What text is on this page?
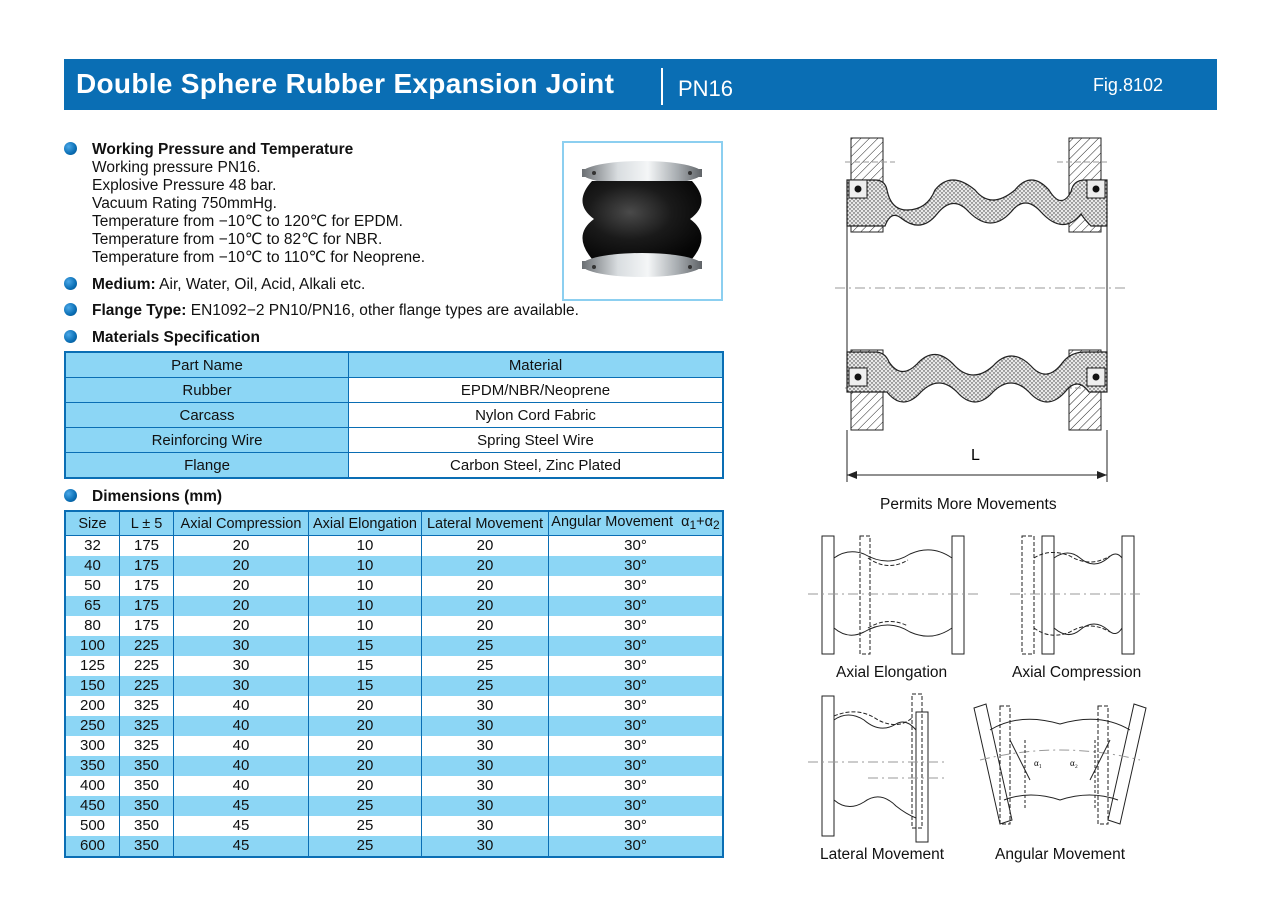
Double Sphere Rubber Expansion Joint	PN16	Fig.8102
Working Pressure and Temperature
Working pressure PN16.
Explosive Pressure 48 bar.
Vacuum Rating 750mmHg.
Temperature from −10℃ to 120℃ for EPDM.
Temperature from −10℃ to 82℃ for NBR.
Temperature from −10℃ to 110℃ for Neoprene.
Medium: Air, Water, Oil, Acid, Alkali etc.
Flange Type: EN1092−2 PN10/PN16, other flange types are available.
Materials Specification
Part Name	Material
Rubber	EPDM/NBR/Neoprene
Carcass	Nylon Cord Fabric
Reinforcing Wire	Spring Steel Wire
Flange	Carbon Steel, Zinc Plated
Dimensions (mm)
Size	L ± 5	Axial Compression	Axial Elongation	Lateral Movement	Angular Movement $\alpha_1+\alpha_2$
32	175	20	10	20	30°
40	175	20	10	20	30°
50	175	20	10	20	30°
65	175	20	10	20	30°
80	175	20	10	20	30°
100	225	30	15	25	30°
125	225	30	15	25	30°
150	225	30	15	25	30°
200	325	40	20	30	30°
250	325	40	20	30	30°
300	325	40	20	30	30°
350	350	40	20	30	30°
400	350	40	20	30	30°
450	350	45	25	30	30°
500	350	45	25	30	30°
600	350	45	25	30	30°
L
Permits More Movements
Axial Elongation	Axial Compression
Lateral Movement
α₁	α₂
Angular Movement
